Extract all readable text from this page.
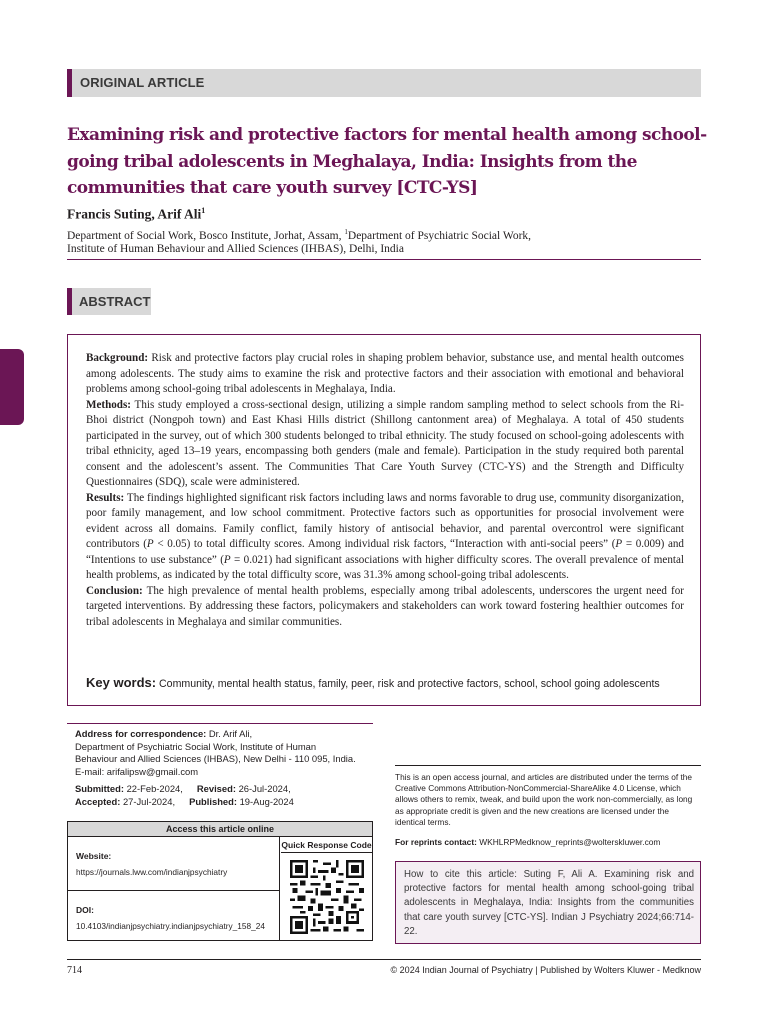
ORIGINAL ARTICLE
Examining risk and protective factors for mental health among school-going tribal adolescents in Meghalaya, India: Insights from the communities that care youth survey [CTC-YS]
Francis Suting, Arif Ali$^1$
Department of Social Work, Bosco Institute, Jorhat, Assam, $^1$Department of Psychiatric Social Work,
Institute of Human Behaviour and Allied Sciences (IHBAS), Delhi, India
ABSTRACT

Background: Risk and protective factors play crucial roles in shaping problem behavior, substance use, and mental health outcomes among adolescents. The study aims to examine the risk and protective factors and their association with emotional and behavioral problems among school-going tribal adolescents in Meghalaya, India.

Methods: This study employed a cross-sectional design, utilizing a simple random sampling method to select schools from the Ri-Bhoi district (Nongpoh town) and East Khasi Hills district (Shillong cantonment area) of Meghalaya. A total of 450 students participated in the survey, out of which 300 students belonged to tribal ethnicity. The study focused on school-going adolescents with tribal ethnicity, aged 13–19 years, encompassing both genders (male and female). Participation in the study required both parental consent and the adolescent’s assent. The Communities That Care Youth Survey (CTC-YS) and the Strength and Difficulty Questionnaires (SDQ), scale were administered.

Results: The findings highlighted significant risk factors including laws and norms favorable to drug use, community disorganization, poor family management, and low school commitment. Protective factors such as opportunities for prosocial involvement were evident across all domains. Family conflict, family history of antisocial behavior, and parental overcontrol were significant contributors (P < 0.05) to total difficulty scores. Among individual risk factors, “Interaction with anti-social peers” (P = 0.009) and “Intentions to use substance” (P = 0.021) had significant associations with higher difficulty scores. The overall prevalence of mental health problems, as indicated by the total difficulty score, was 31.3% among school-going tribal adolescents.

Conclusion: The high prevalence of mental health problems, especially among tribal adolescents, underscores the urgent need for targeted interventions. By addressing these factors, policymakers and stakeholders can work toward fostering healthier outcomes for tribal adolescents in Meghalaya and similar communities.

Key words: Community, mental health status, family, peer, risk and protective factors, school, school going adolescents
Address for correspondence: Dr. Arif Ali,
Department of Psychiatric Social Work, Institute of Human
Behaviour and Allied Sciences (IHBAS), New Delhi - 110 095, India.
E-mail: arifalipsw@gmail.com
Submitted: 22-Feb-2024, Revised: 26-Jul-2024,
Accepted: 27-Jul-2024, Published: 19-Aug-2024
Access this article online
Website:
https://journals.lww.com/indianjpsychiatry
DOI:
10.4103/indianjpsychiatry.indianjpsychiatry_158_24
Quick Response Code
This is an open access journal, and articles are distributed under the terms of the Creative Commons Attribution-NonCommercial-ShareAlike 4.0 License, which allows others to remix, tweak, and build upon the work non-commercially, as long as appropriate credit is given and the new creations are licensed under the identical terms.
For reprints contact: WKHLRPMedknow_reprints@wolterskluwer.com
How to cite this article: Suting F, Ali A. Examining risk and protective factors for mental health among school-going tribal adolescents in Meghalaya, India: Insights from the communities that care youth survey [CTC-YS]. Indian J Psychiatry 2024;66:714-22.
714	© 2024 Indian Journal of Psychiatry | Published by Wolters Kluwer - Medknow
